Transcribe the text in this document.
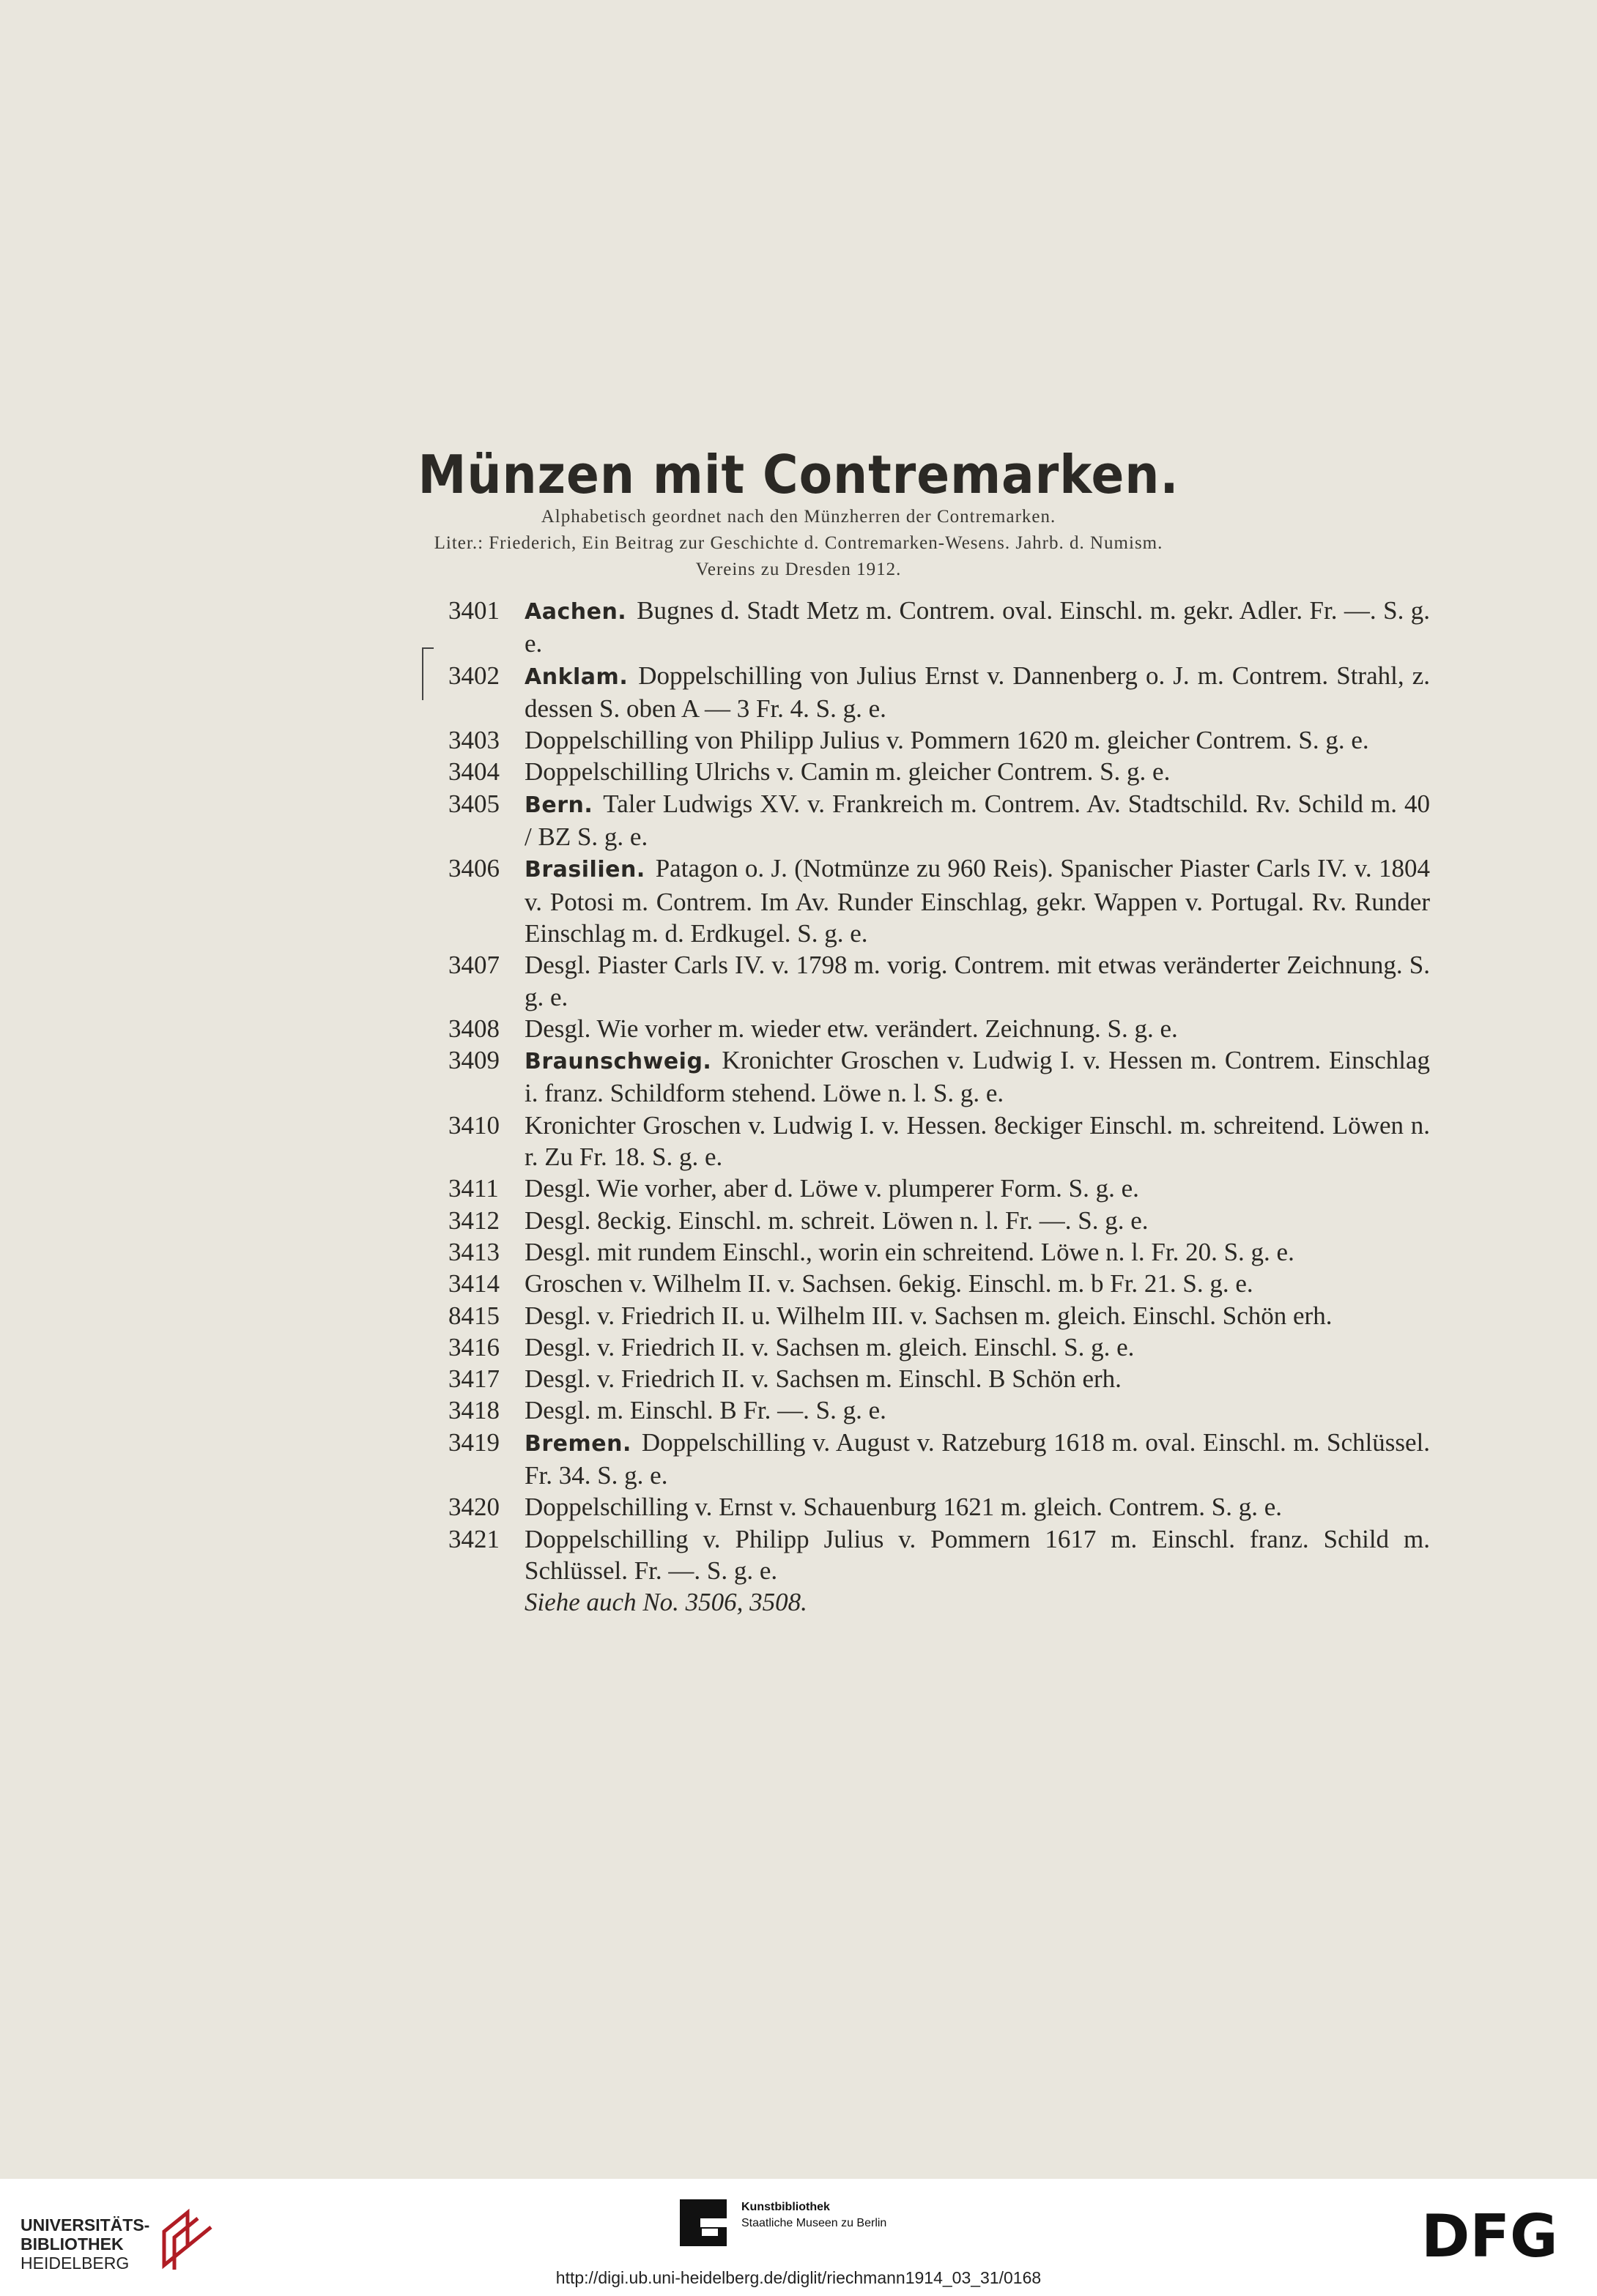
Münzen mit Contremarken.
Alphabetisch geordnet nach den Münzherren der Contremarken.
Liter.: Friederich, Ein Beitrag zur Geschichte d. Contremarken-Wesens. Jahrb. d. Numism.
Vereins zu Dresden 1912.
3401 Aachen. Bugnes d. Stadt Metz m. Contrem. oval. Einschl. m. gekr. Adler. Fr. —. S. g. e.
3402 Anklam. Doppelschilling von Julius Ernst v. Dannenberg o. J. m. Contrem. Strahl, z. dessen S. oben A — 3 Fr. 4. S. g. e.
3403 Doppelschilling von Philipp Julius v. Pommern 1620 m. gleicher Contrem. S. g. e.
3404 Doppelschilling Ulrichs v. Camin m. gleicher Contrem. S. g. e.
3405 Bern. Taler Ludwigs XV. v. Frankreich m. Contrem. Av. Stadtschild. Rv. Schild m. 40 / BZ S. g. e.
3406 Brasilien. Patagon o. J. (Notmünze zu 960 Reis). Spanischer Piaster Carls IV. v. 1804 v. Potosi m. Contrem. Im Av. Runder Einschlag, gekr. Wappen v. Portugal. Rv. Runder Einschlag m. d. Erdkugel. S. g. e.
3407 Desgl. Piaster Carls IV. v. 1798 m. vorig. Contrem. mit etwas veränderter Zeichnung. S. g. e.
3408 Desgl. Wie vorher m. wieder etw. verändert. Zeichnung. S. g. e.
3409 Braunschweig. Kronichter Groschen v. Ludwig I. v. Hessen m. Contrem. Einschlag i. franz. Schildform stehend. Löwe n. l. S. g. e.
3410 Kronichter Groschen v. Ludwig I. v. Hessen. 8eckiger Einschl. m. schreitend. Löwen n. r. Zu Fr. 18. S. g. e.
3411 Desgl. Wie vorher, aber d. Löwe v. plumperer Form. S. g. e.
3412 Desgl. 8eckig. Einschl. m. schreit. Löwen n. l. Fr. —. S. g. e.
3413 Desgl. mit rundem Einschl., worin ein schreitend. Löwe n. l. Fr. 20. S. g. e.
3414 Groschen v. Wilhelm II. v. Sachsen. 6ekig. Einschl. m. b Fr. 21. S. g. e.
8415 Desgl. v. Friedrich II. u. Wilhelm III. v. Sachsen m. gleich. Einschl. Schön erh.
3416 Desgl. v. Friedrich II. v. Sachsen m. gleich. Einschl. S. g. e.
3417 Desgl. v. Friedrich II. v. Sachsen m. Einschl. B Schön erh.
3418 Desgl. m. Einschl. B Fr. —. S. g. e.
3419 Bremen. Doppelschilling v. August v. Ratzeburg 1618 m. oval. Einschl. m. Schlüssel. Fr. 34. S. g. e.
3420 Doppelschilling v. Ernst v. Schauenburg 1621 m. gleich. Contrem. S. g. e.
3421 Doppelschilling v. Philipp Julius v. Pommern 1617 m. Einschl. franz. Schild m. Schlüssel. Fr. —. S. g. e.
Siehe auch No. 3506, 3508.
UNIVERSITÄTS-
BIBLIOTHEK
HEIDELBERG
Kunstbibliothek
Staatliche Museen zu Berlin	DFG
http://digi.ub.uni-heidelberg.de/diglit/riechmann1914_03_31/0168
